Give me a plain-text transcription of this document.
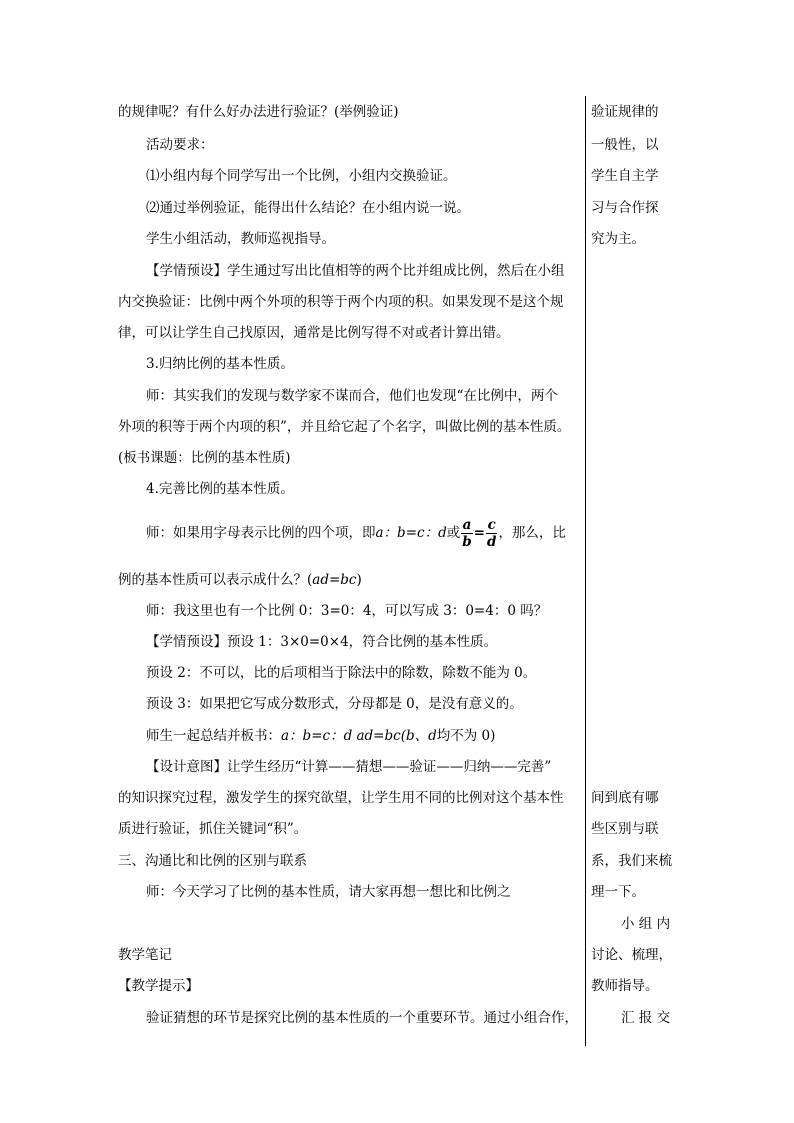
的规律呢？有什么好办法进行验证？(举例验证)
活动要求：
⑴小组内每个同学写出一个比例，小组内交换验证。
⑵通过举例验证，能得出什么结论？在小组内说一说。
学生小组活动，教师巡视指导。
【学情预设】学生通过写出比值相等的两个比并组成比例，然后在小组
内交换验证：比例中两个外项的积等于两个内项的积。如果发现不是这个规
律，可以让学生自己找原因，通常是比例写得不对或者计算出错。
3.归纳比例的基本性质。
师：其实我们的发现与数学家不谋而合，他们也发现“在比例中，两个
外项的积等于两个内项的积”，并且给它起了个名字，叫做比例的基本性质。
(板书课题：比例的基本性质)
4.完善比例的基本性质。
师：如果用字母表示比例的四个项，即a：b=c：d或 $\frac{a}{b} = \frac{c}{d}$ ，那么，比
例的基本性质可以表示成什么？(ad=bc)
师：我这里也有一个比例 0：3=0：4，可以写成 3：0=4：0 吗？
【学情预设】预设 1：3×0=0×4，符合比例的基本性质。
预设 2：不可以，比的后项相当于除法中的除数，除数不能为 0。
预设 3：如果把它写成分数形式，分母都是 0，是没有意义的。
师生一起总结并板书：a：b=c：d ad=bc(b、d均不为 0)
【设计意图】让学生经历“计算——猜想——验证——归纳——完善”
的知识探究过程，激发学生的探究欲望，让学生用不同的比例对这个基本性
质进行验证，抓住关键词“积”。
三、沟通比和比例的区别与联系
师：今天学习了比例的基本性质，请大家再想一想比和比例之
教学笔记
【教学提示】
验证猜想的环节是探究比例的基本性质的一个重要环节。通过小组合作，
验证规律的
一般性，以
学生自主学
习与合作探
究为主。
间到底有哪
些区别与联
系，我们来梳
理一下。
小 组 内
讨论、梳理，
教师指导。
汇 报 交
